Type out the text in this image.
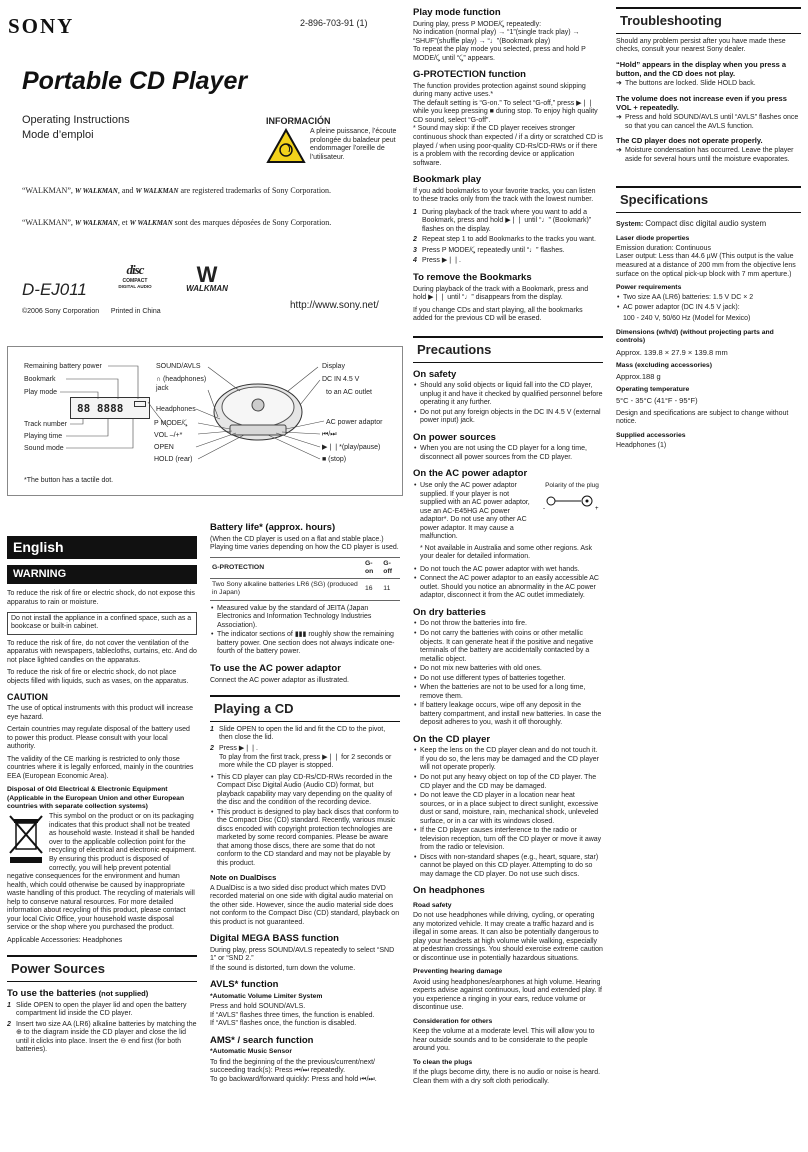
SONY	2-896-703-91 (1)
Portable CD Player
Operating Instructions
Mode d’emploi
INFORMACIÓN
A pleine puissance, l’écoute prolongée du baladeur peut endommager l’oreille de l’utilisateur.
“WALKMAN”, W WALKMAN, and W WALKMAN are registered trademarks of Sony Corporation.
“WALKMAN”, W WALKMAN, et W WALKMAN sont des marques déposées de Sony Corporation.
D-EJ011
disc
COMPACT
DIGITAL AUDIO	W
WALKMAN
©2006 Sony Corporation Printed in China
http://www.sony.net/
Remaining battery power
Bookmark
Play mode
Track number
Playing time
Sound mode
88 8888
SOUND/AVLS
∩ (headphones)
jack
Headphones
P MODE/⤹
VOL –/+*
OPEN
HOLD (rear)
Display
DC IN 4.5 V
to an AC outlet
AC power adaptor
⏮/⏭
▶❘❘*(play/pause)
■ (stop)
*The button has a tactile dot.
English
WARNING

To reduce the risk of fire or electric shock, do not expose this apparatus to rain or moisture.

Do not install the appliance in a confined space, such as a bookcase or built-in cabinet.

To reduce the risk of fire, do not cover the ventilation of the apparatus with newspapers, tablecloths, curtains, etc. And do not place lighted candles on the apparatus.

To reduce the risk of fire or electric shock, do not place objects filled with liquids, such as vases, on the apparatus.

CAUTION

The use of optical instruments with this product will increase eye hazard.

Certain countries may regulate disposal of the battery used to power this product. Please consult with your local authority.

The validity of the CE marking is restricted to only those countries where it is legally enforced, mainly in the countries EEA (European Economic Area).

Disposal of Old Electrical & Electronic Equipment (Applicable in the European Union and other European countries with separate collection systems)

This symbol on the product or on its packaging indicates that this product shall not be treated as household waste. Instead it shall be handed over to the applicable collection point for the recycling of electrical and electronic equipment. By ensuring this product is disposed of correctly, you will help prevent potential negative consequences for the environment and human health, which could otherwise be caused by inappropriate waste handling of this product. The recycling of materials will help to conserve natural resources. For more detailed information about recycling of this product, please contact your local Civic Office, your household waste disposal service or the shop where you purchased the product.

Applicable Accessories: Headphones

Power Sources
To use the batteries (not supplied)
1 Slide OPEN to open the player lid and open the battery compartment lid inside the CD player.
2 Insert two size AA (LR6) alkaline batteries by matching the ⊕ to the diagram inside the CD player and close the lid until it clicks into place. Insert the ⊖ end first (for both batteries).
Battery life* (approx. hours)

(When the CD player is used on a flat and stable place.) Playing time varies depending on how the CD player is used.

G-PROTECTION	G-on	G-off
Two Sony alkaline batteries LR6 (SG) (produced in Japan)	16	11
• Measured value by the standard of JEITA (Japan Electronics and Information Technology Industries Association).
• The indicator sections of ▮▮▮ roughly show the remaining battery power. One section does not always indicate one-fourth of the battery power.
To use the AC power adaptor

Connect the AC power adaptor as illustrated.

Playing a CD
1 Slide OPEN to open the lid and fit the CD to the pivot, then close the lid.
2 Press ▶❘❘.
To play from the first track, press ▶❘❘ for 2 seconds or more while the CD player is stopped.
• This CD player can play CD-Rs/CD-RWs recorded in the Compact Disc Digital Audio (Audio CD) format, but playback capability may vary depending on the quality of the disc and the condition of the recording device.
• This product is designed to play back discs that conform to the Compact Disc (CD) standard. Recently, various music discs encoded with copyright protection technologies are marketed by some record companies. Please be aware that among those discs, there are some that do not conform to the CD standard and may not be playable by this product.
Note on DualDiscs

A DualDisc is a two sided disc product which mates DVD recorded material on one side with digital audio material on the other side. However, since the audio material side does not conform to the Compact Disc (CD) standard, playback on this product is not guaranteed.

Digital MEGA BASS function

During play, press SOUND/AVLS repeatedly to select “SND 1” or “SND 2.”

If the sound is distorted, turn down the volume.

AVLS* function
*Automatic Volume Limiter System

Press and hold SOUND/AVLS.
If “AVLS” flashes three times, the function is enabled.
If “AVLS” flashes once, the function is disabled.

AMS* / search function
*Automatic Music Sensor

To find the beginning of the the previous/current/next/ succeeding track(s): Press ⏮/⏭ repeatedly.
To go backward/forward quickly: Press and hold ⏮/⏭.

Play mode function

During play, press P MODE/⤹ repeatedly:
No indication (normal play) → “1”(single track play) → “SHUF”(shuffle play) → “♩”(Bookmark play)
To repeat the play mode you selected, press and hold P MODE/⤹ until “⤹” appears.

G-PROTECTION function

The function provides protection against sound skipping during many active uses.*
The default setting is “G-on.” To select “G-off,” press ▶❘❘ while you keep pressing ■ during stop. To enjoy high quality CD sound, select “G-off”.
* Sound may skip: if the CD player receives stronger continuous shock than expected / if a dirty or scratched CD is played / when using poor-quality CD-Rs/CD-RWs or if there is a problem with the recording device or application software.

Bookmark play

If you add bookmarks to your favorite tracks, you can listen to these tracks only from the track with the lowest number.

1 During playback of the track where you want to add a Bookmark, press and hold ▶❘❘ until “♩” (Bookmark)” flashes on the display.
2 Repeat step 1 to add Bookmarks to the tracks you want.
3 Press P MODE/⤹ repeatedly until “♩” flashes.
4 Press ▶❘❘.
To remove the Bookmarks

During playback of the track with a Bookmark, press and hold ▶❘❘ until “♩” disappears from the display.

If you change CDs and start playing, all the bookmarks added for the previous CD will be erased.

Precautions
On safety
• Should any solid objects or liquid fall into the CD player, unplug it and have it checked by qualified personnel before operating it any further.
• Do not put any foreign objects in the DC IN 4.5 V (external power input) jack.
On power sources
• When you are not using the CD player for a long time, disconnect all power sources from the CD player.
On the AC power adaptor
Polarity of the plug
-	+
• Use only the AC power adaptor supplied. If your player is not supplied with an AC power adaptor, use an AC-E45HG AC power adaptor*. Do not use any other AC power adaptor. It may cause a malfunction.

* Not available in Australia and some other regions. Ask your dealer for detailed information.

• Do not touch the AC power adaptor with wet hands.
• Connect the AC power adaptor to an easily accessible AC outlet. Should you notice an abnormality in the AC power adaptor, disconnect it from the AC outlet immediately.
On dry batteries
• Do not throw the batteries into fire.
• Do not carry the batteries with coins or other metallic objects. It can generate heat if the positive and negative terminals of the battery are accidentally contacted by a metallic object.
• Do not mix new batteries with old ones.
• Do not use different types of batteries together.
• When the batteries are not to be used for a long time, remove them.
• If battery leakage occurs, wipe off any deposit in the battery compartment, and install new batteries. In case the deposit adheres to you, wash it off thoroughly.
On the CD player
• Keep the lens on the CD player clean and do not touch it. If you do so, the lens may be damaged and the CD player will not operate properly.
• Do not put any heavy object on top of the CD player. The CD player and the CD may be damaged.
• Do not leave the CD player in a location near heat sources, or in a place subject to direct sunlight, excessive dust or sand, moisture, rain, mechanical shock, unleveled surface, or in a car with its windows closed.
• If the CD player causes interference to the radio or television reception, turn off the CD player or move it away from the radio or television.
• Discs with non-standard shapes (e.g., heart, square, star) cannot be played on this CD player. Attempting to do so may damage the CD player. Do not use such discs.
On headphones
Road safety

Do not use headphones while driving, cycling, or operating any motorized vehicle. It may create a traffic hazard and is illegal in some areas. It can also be potentially dangerous to play your headsets at high volume while walking, especially at pedestrian crossings. You should exercise extreme caution or discontinue use in potentially hazardous situations.

Preventing hearing damage

Avoid using headphones/earphones at high volume. Hearing experts advise against continuous, loud and extended play. If you experience a ringing in your ears, reduce volume or discontinue use.

Consideration for others

Keep the volume at a moderate level. This will allow you to hear outside sounds and to be considerate to the people around you.

To clean the plugs

If the plugs become dirty, there is no audio or noise is heard. Clean them with a dry soft cloth periodically.

Troubleshooting

Should any problem persist after you have made these checks, consult your nearest Sony dealer.

“Hold” appears in the display when you press a button, and the CD does not play.
➜ The buttons are locked. Slide HOLD back.
The volume does not increase even if you press VOL + repeatedly.
➜ Press and hold SOUND/AVLS until “AVLS” flashes once so that you can cancel the AVLS function.
The CD player does not operate properly.
➜ Moisture condensation has occurred. Leave the player aside for several hours until the moisture evaporates.
Specifications

System: Compact disc digital audio system

Laser diode properties

Emission duration: Continuous
Laser output: Less than 44.6 µW (This output is the value measured at a distance of 200 mm from the objective lens surface on the optical pick-up block with 7 mm aperture.)

Power requirements
• Two size AA (LR6) batteries: 1.5 V DC × 2
• AC power adaptor (DC IN 4.5 V jack):

100 - 240 V, 50/60 Hz (Model for Mexico)

Dimensions (w/h/d) (without projecting parts and controls)

Approx. 139.8 × 27.9 × 139.8 mm

Mass (excluding accessories)

Approx.188 g

Operating temperature

5°C - 35°C (41°F - 95°F)

Design and specifications are subject to change without notice.

Supplied accessories

Headphones (1)
